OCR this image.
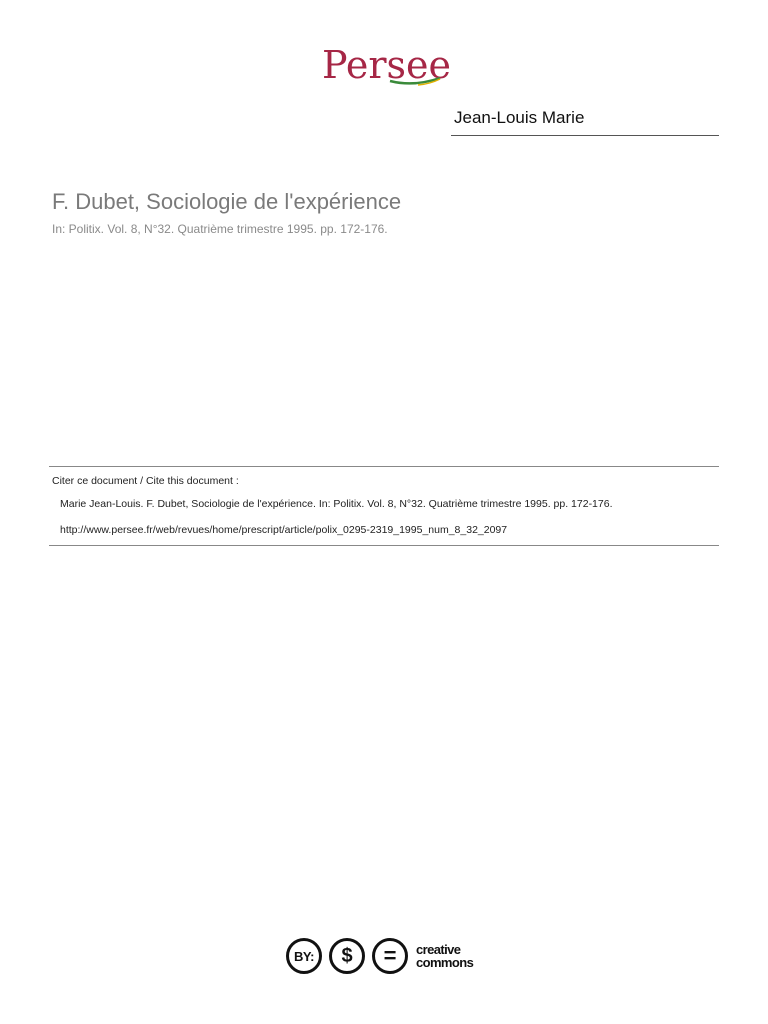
Persee
Jean-Louis Marie
F. Dubet, Sociologie de l'expérience
In: Politix. Vol. 8, N°32. Quatrième trimestre 1995. pp. 172-176.
Citer ce document / Cite this document :
Marie Jean-Louis. F. Dubet, Sociologie de l'expérience. In: Politix. Vol. 8, N°32. Quatrième trimestre 1995. pp. 172-176.
http://www.persee.fr/web/revues/home/prescript/article/polix_0295-2319_1995_num_8_32_2097
BY: $ = creative
commons
